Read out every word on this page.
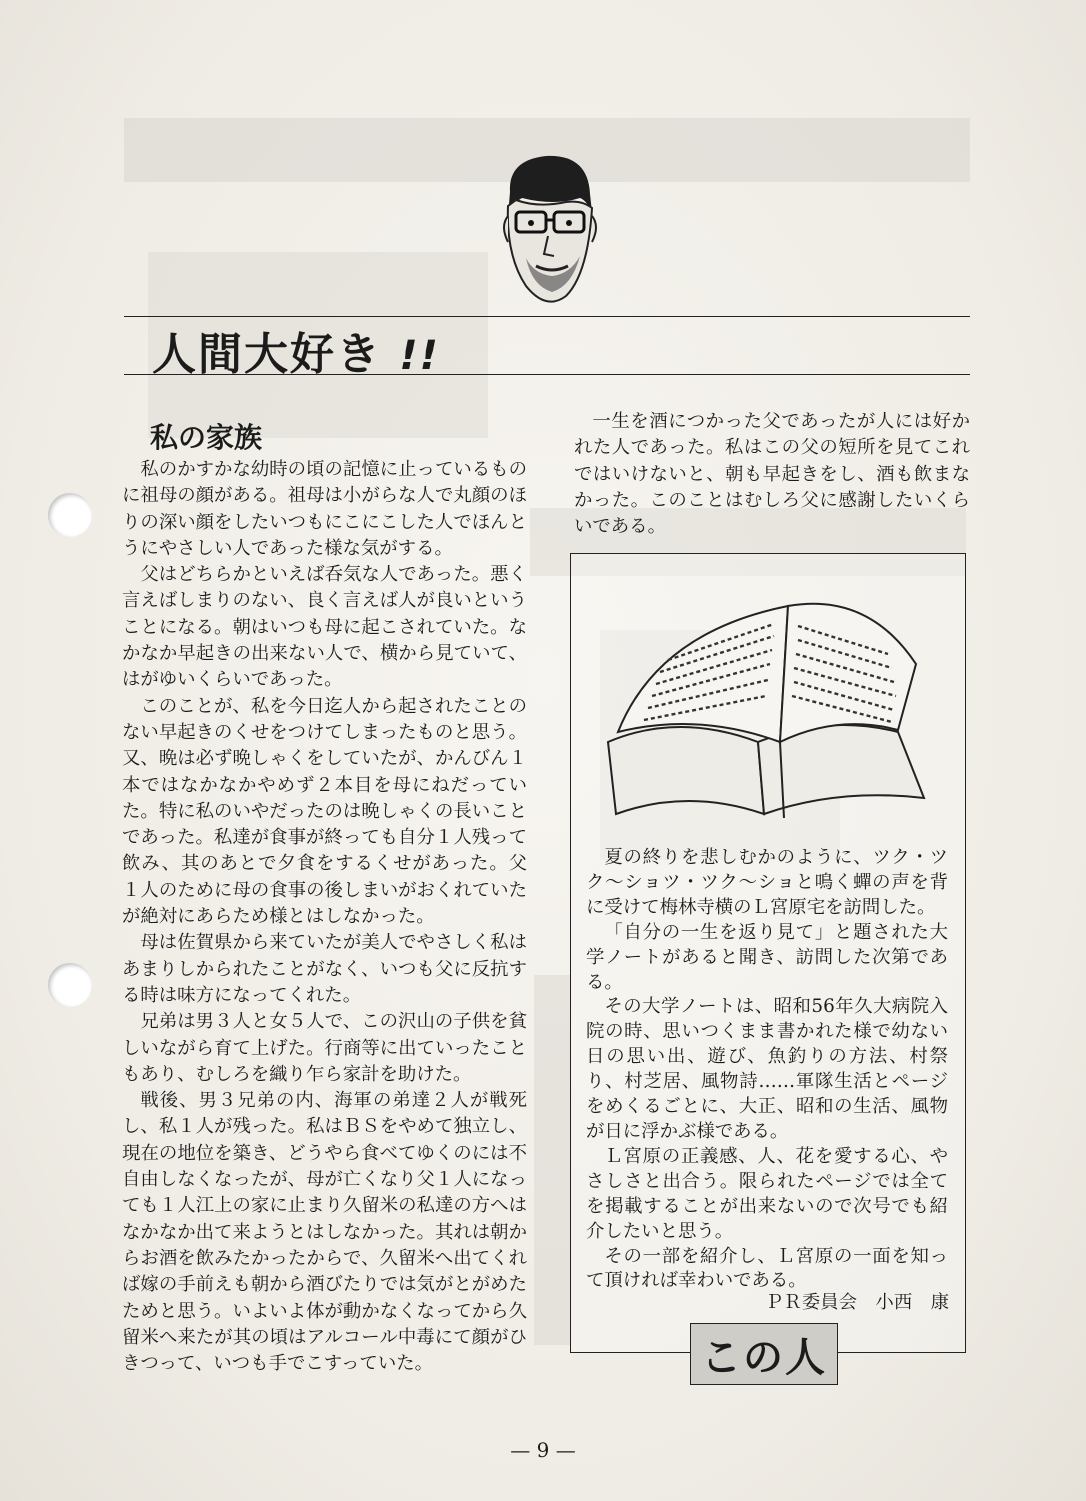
人間大好き !!
私の家族

私のかすかな幼時の頃の記憶に止っているものに祖母の顔がある。祖母は小がらな人で丸顔のほりの深い顔をしたいつもにこにこした人でほんとうにやさしい人であった様な気がする。

父はどちらかといえば呑気な人であった。悪く言えばしまりのない、良く言えば人が良いということになる。朝はいつも母に起こされていた。なかなか早起きの出来ない人で、横から見ていて、はがゆいくらいであった。

このことが、私を今日迄人から起されたことのない早起きのくせをつけてしまったものと思う。又、晩は必ず晩しゃくをしていたが、かんびん１本ではなかなかやめず２本目を母にねだっていた。特に私のいやだったのは晩しゃくの長いことであった。私達が食事が終っても自分１人残って飲み、其のあとで夕食をするくせがあった。父１人のために母の食事の後しまいがおくれていたが絶対にあらため様とはしなかった。

母は佐賀県から来ていたが美人でやさしく私はあまりしかられたことがなく、いつも父に反抗する時は味方になってくれた。

兄弟は男３人と女５人で、この沢山の子供を貧しいながら育て上げた。行商等に出ていったこともあり、むしろを織り乍ら家計を助けた。

戦後、男３兄弟の内、海軍の弟達２人が戦死し、私１人が残った。私はＢＳをやめて独立し、現在の地位を築き、どうやら食べてゆくのには不自由しなくなったが、母が亡くなり父１人になっても１人江上の家に止まり久留米の私達の方へはなかなか出て来ようとはしなかった。其れは朝からお酒を飲みたかったからで、久留米へ出てくれば嫁の手前えも朝から酒びたりでは気がとがめたためと思う。いよいよ体が動かなくなってから久留米へ来たが其の頃はアルコール中毒にて顔がひきつって、いつも手でこすっていた。

一生を酒につかった父であったが人には好かれた人であった。私はこの父の短所を見てこれではいけないと、朝も早起きをし、酒も飲まなかった。このことはむしろ父に感謝したいくらいである。

夏の終りを悲しむかのように、ツク・ツク〜ショツ・ツク〜ショと鳴く蟬の声を背に受けて梅林寺横のＬ宮原宅を訪問した。

「自分の一生を返り見て」と題された大学ノートがあると聞き、訪問した次第である。

その大学ノートは、昭和56年久大病院入院の時、思いつくまま書かれた様で幼ない日の思い出、遊び、魚釣りの方法、村祭り、村芝居、風物詩……軍隊生活とページをめくるごとに、大正、昭和の生活、風物が日に浮かぶ様である。

Ｌ宮原の正義感、人、花を愛する心、やさしさと出合う。限られたページでは全てを掲載することが出来ないので次号でも紹介したいと思う。

その一部を紹介し、Ｌ宮原の一面を知って頂ければ幸わいである。

ＰＲ委員会　小西　康
この人
— 9 —
